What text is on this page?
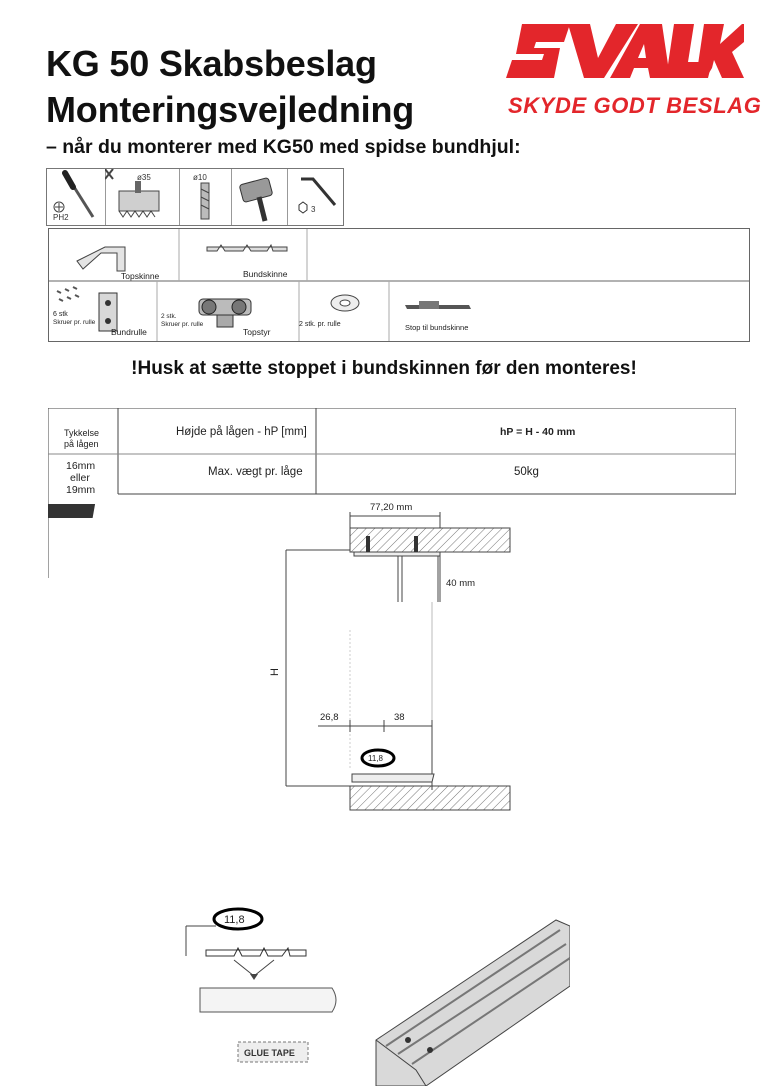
KG 50 Skabsbeslag
Monteringsvejledning
– når du monterer med KG50 med spidse bundhjul:
SKYDE GODT BESLAG
PH2
ø35	ø10
3
Topskinne	Bundskinne
6 stk
Skruer pr. rulle
Bundrulle
2 stk.
Skruer pr. rulle
Topstyr
2 stk. pr. rulle	Stop til bundskinne
!Husk at sætte stoppet i bundskinnen før den monteres!
Tykkelse
på lågen
16mm
eller
19mm
Højde på lågen - hP [mm]	hP = H - 40 mm
Max. vægt pr. låge	50kg
77,20 mm
40 mm
H
26,8	38
11,8
11,8
GLUE TAPE
